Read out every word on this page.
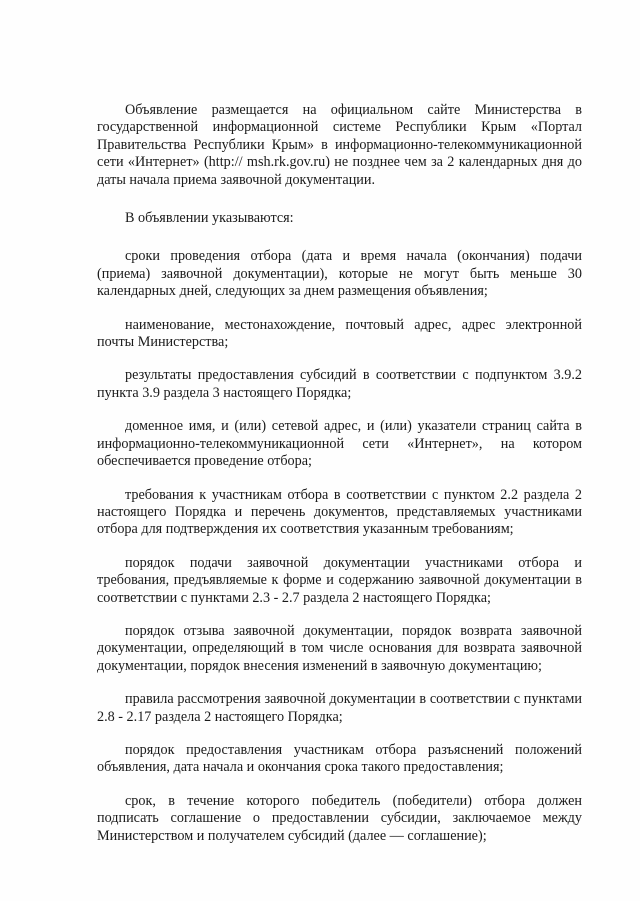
Объявление размещается на официальном сайте Министерства в государственной информационной системе Республики Крым «Портал Правительства Республики Крым» в информационно-телекоммуникационной сети «Интернет» (http:// msh.rk.gov.ru) не позднее чем за 2 календарных дня до даты начала приема заявочной документации.

В объявлении указываются:

сроки проведения отбора (дата и время начала (окончания) подачи (приема) заявочной документации), которые не могут быть меньше 30 календарных дней, следующих за днем размещения объявления;

наименование, местонахождение, почтовый адрес, адрес электронной почты Министерства;

результаты предоставления субсидий в соответствии с подпунктом 3.9.2 пункта 3.9 раздела 3 настоящего Порядка;

доменное имя, и (или) сетевой адрес, и (или) указатели страниц сайта в информационно-телекоммуникационной сети «Интернет», на котором обеспечивается проведение отбора;

требования к участникам отбора в соответствии с пунктом 2.2 раздела 2 настоящего Порядка и перечень документов, представляемых участниками отбора для подтверждения их соответствия указанным требованиям;

порядок подачи заявочной документации участниками отбора и требования, предъявляемые к форме и содержанию заявочной документации в соответствии с пунктами 2.3 - 2.7 раздела 2 настоящего Порядка;

порядок отзыва заявочной документации, порядок возврата заявочной документации, определяющий в том числе основания для возврата заявочной документации, порядок внесения изменений в заявочную документацию;

правила рассмотрения заявочной документации в соответствии с пунктами 2.8 - 2.17 раздела 2 настоящего Порядка;

порядок предоставления участникам отбора разъяснений положений объявления, дата начала и окончания срока такого предоставления;

срок, в течение которого победитель (победители) отбора должен подписать соглашение о предоставлении субсидии, заключаемое между Министерством и получателем субсидий (далее — соглашение);
